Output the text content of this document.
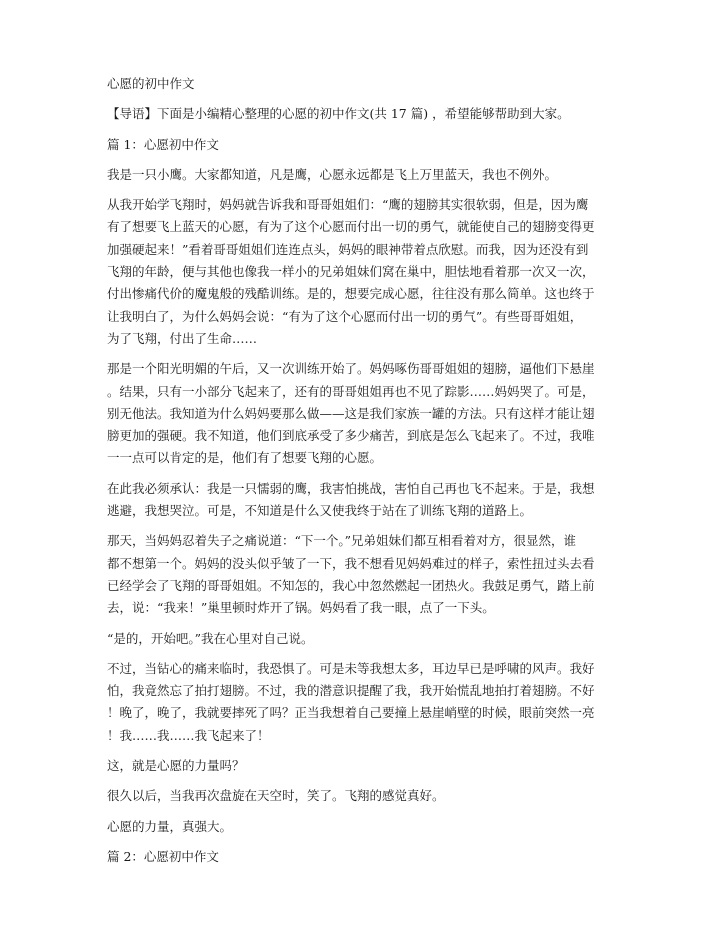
心愿的初中作文
【导语】下面是小编精心整理的心愿的初中作文(共 17 篇) ，希望能够帮助到大家。
篇 1：心愿初中作文
我是一只小鹰。大家都知道，凡是鹰，心愿永远都是飞上万里蓝天，我也不例外。
从我开始学飞翔时，妈妈就告诉我和哥哥姐姐们：“鹰的翅膀其实很软弱，但是，因为鹰
有了想要飞上蓝天的心愿，有为了这个心愿而付出一切的勇气，就能使自己的翅膀变得更
加强硬起来！”看着哥哥姐姐们连连点头，妈妈的眼神带着点欣慰。而我，因为还没有到
飞翔的年龄，便与其他也像我一样小的兄弟姐妹们窝在巢中，胆怯地看着那一次又一次，
付出惨痛代价的魔鬼般的残酷训练。是的，想要完成心愿，往往没有那么简单。这也终于
让我明白了，为什么妈妈会说：“有为了这个心愿而付出一切的勇气”。有些哥哥姐姐，
为了飞翔，付出了生命……
那是一个阳光明媚的午后，又一次训练开始了。妈妈啄伤哥哥姐姐的翅膀，逼他们下悬崖
。结果，只有一小部分飞起来了，还有的哥哥姐姐再也不见了踪影……妈妈哭了。可是，
别无他法。我知道为什么妈妈要那么做——这是我们家族一罐的方法。只有这样才能让翅
膀更加的强硬。我不知道，他们到底承受了多少痛苦，到底是怎么飞起来了。不过，我唯
一一点可以肯定的是，他们有了想要飞翔的心愿。
在此我必须承认：我是一只懦弱的鹰，我害怕挑战，害怕自己再也飞不起来。于是，我想
逃避，我想哭泣。可是，不知道是什么又使我终于站在了训练飞翔的道路上。
那天，当妈妈忍着失子之痛说道：“下一个。”兄弟姐妹们都互相看着对方，很显然，谁
都不想第一个。妈妈的没头似乎皱了一下，我不想看见妈妈难过的样子，索性扭过头去看
已经学会了飞翔的哥哥姐姐。不知怎的，我心中忽然燃起一团热火。我鼓足勇气，踏上前
去，说：“我来！”巢里顿时炸开了锅。妈妈看了我一眼，点了一下头。
“是的，开始吧。”我在心里对自己说。
不过，当钻心的痛来临时，我恐惧了。可是未等我想太多，耳边早已是呼啸的风声。我好
怕，我竟然忘了拍打翅膀。不过，我的潜意识提醒了我，我开始慌乱地拍打着翅膀。不好
！晚了，晚了，我就要摔死了吗？正当我想着自己要撞上悬崖峭壁的时候，眼前突然一亮
！我……我……我飞起来了！
这，就是心愿的力量吗？
很久以后，当我再次盘旋在天空时，笑了。飞翔的感觉真好。
心愿的力量，真强大。
篇 2：心愿初中作文
